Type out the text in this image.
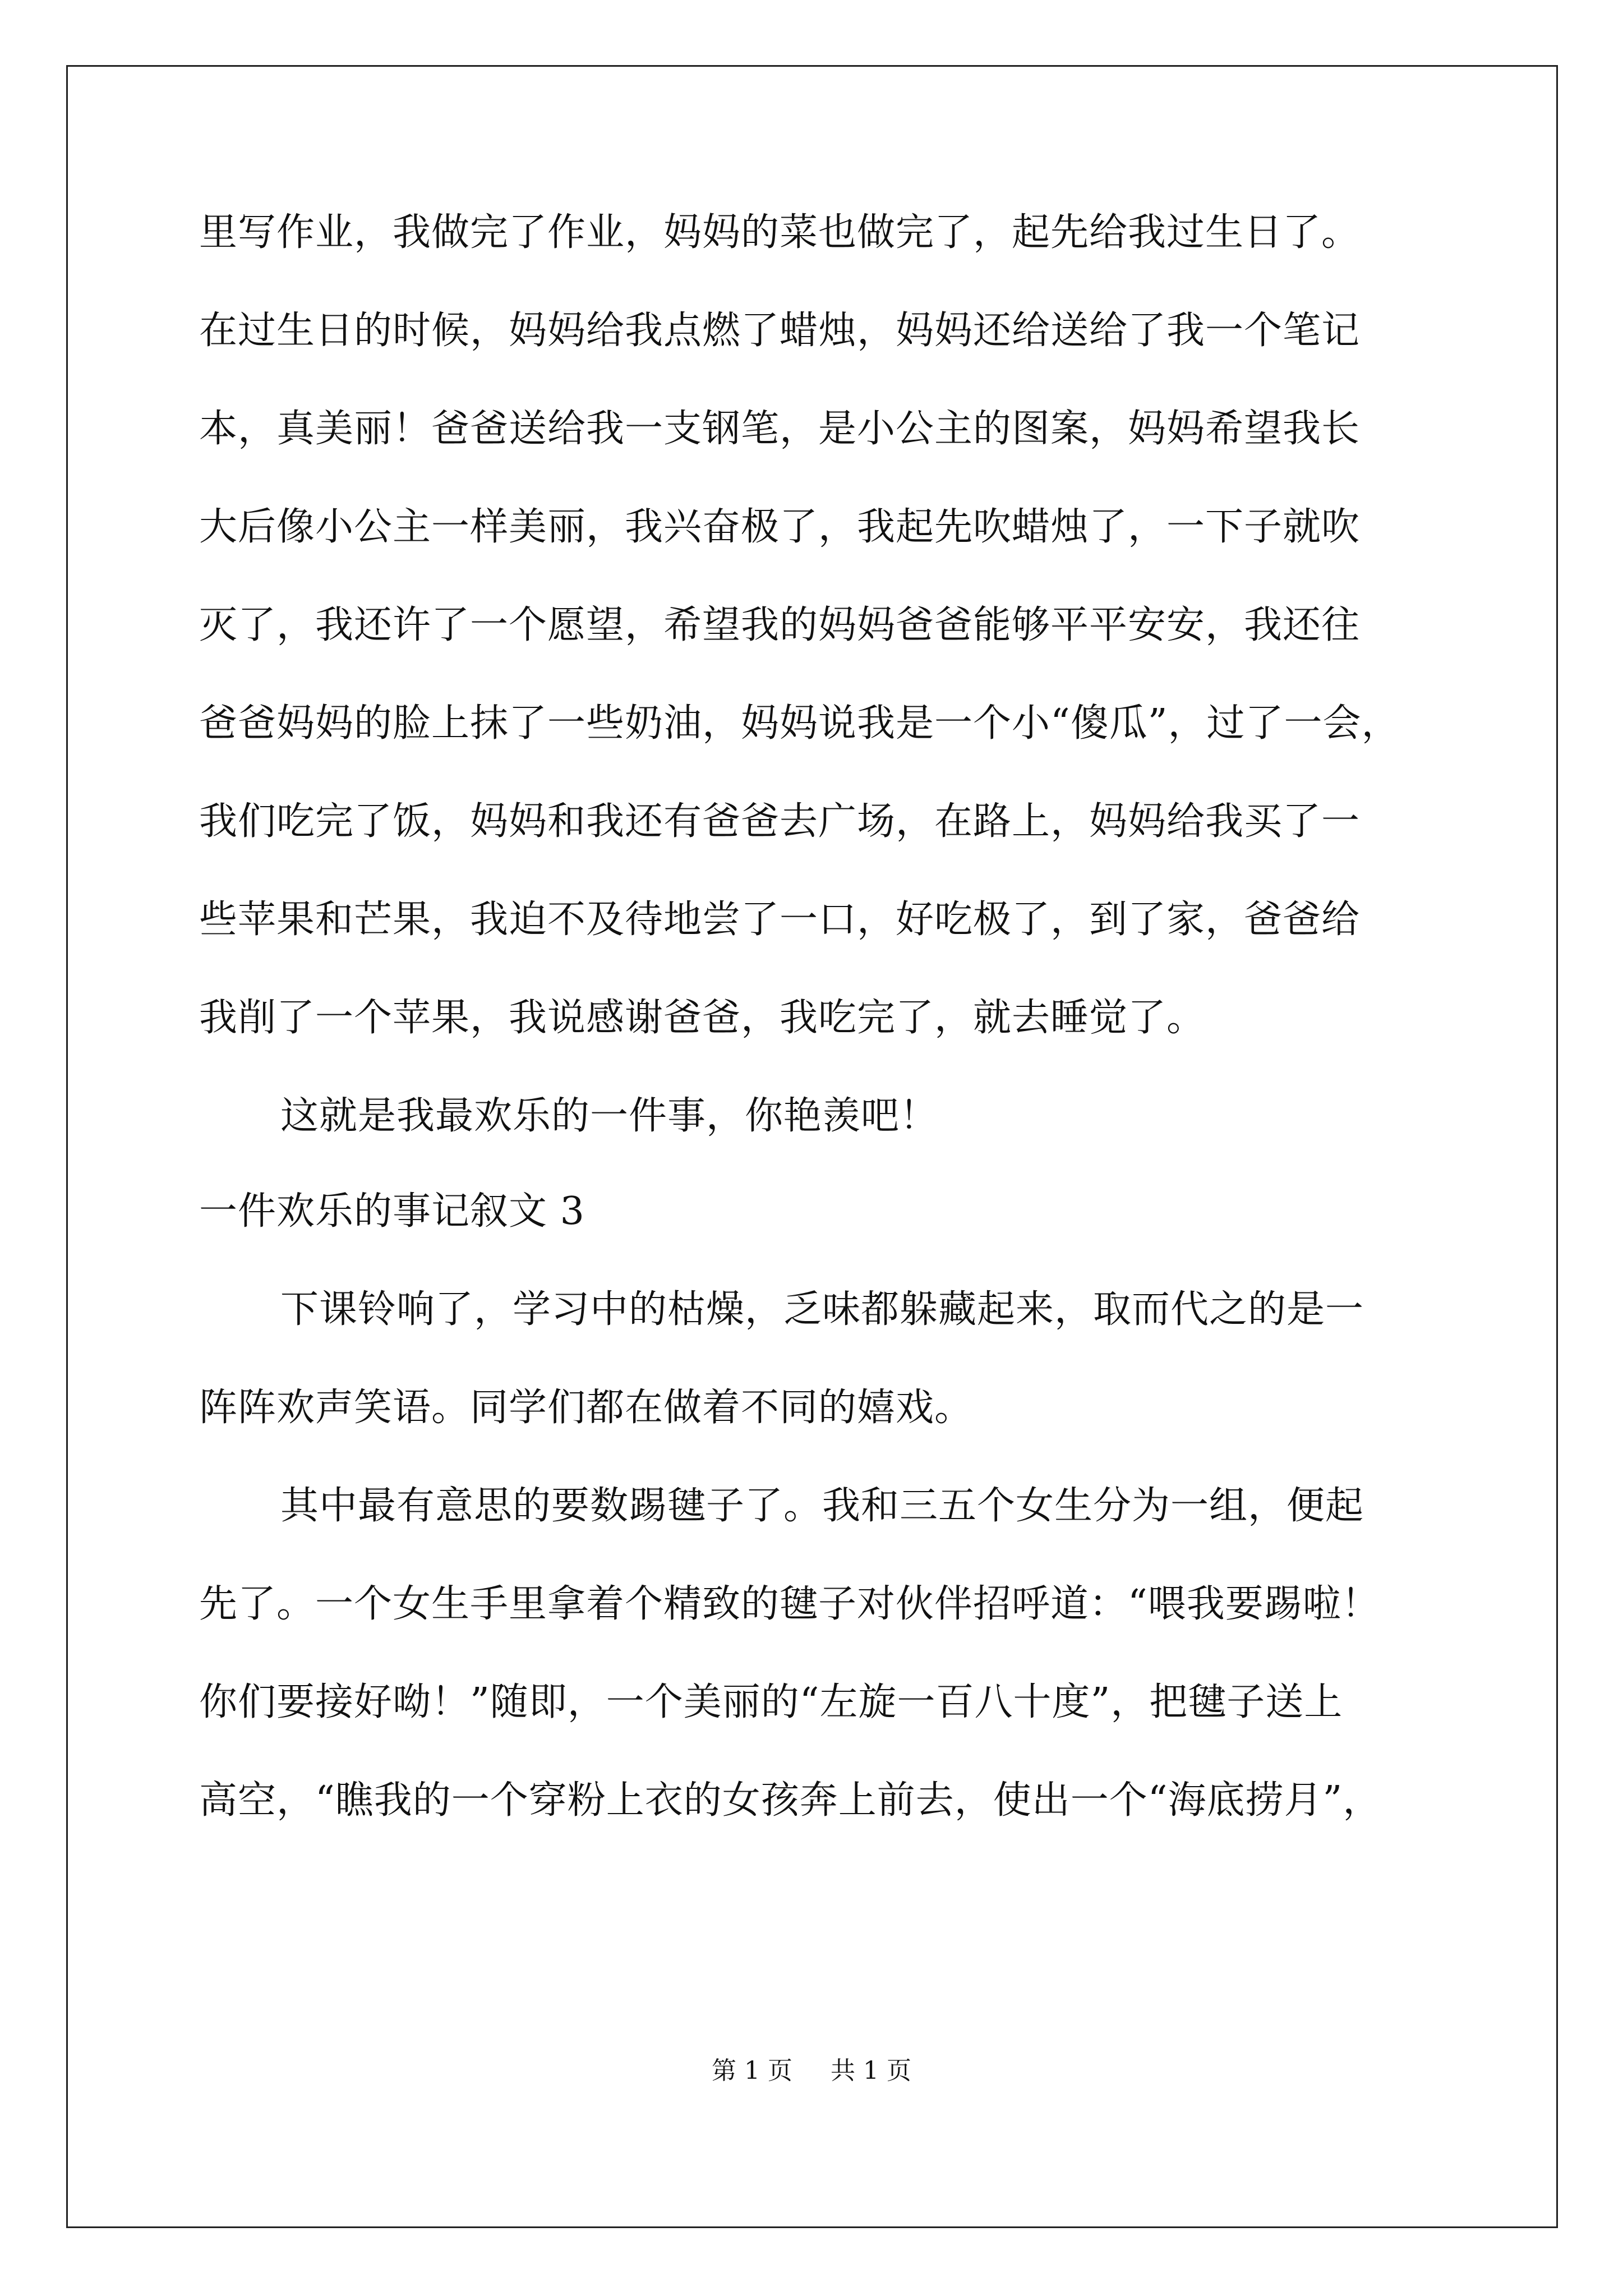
里写作业，我做完了作业，妈妈的菜也做完了，起先给我过生日了。
在过生日的时候，妈妈给我点燃了蜡烛，妈妈还给送给了我一个笔记
本，真美丽！爸爸送给我一支钢笔，是小公主的图案，妈妈希望我长
大后像小公主一样美丽，我兴奋极了，我起先吹蜡烛了，一下子就吹
灭了，我还许了一个愿望，希望我的妈妈爸爸能够平平安安，我还往
爸爸妈妈的脸上抹了一些奶油，妈妈说我是一个小“傻瓜”，过了一会，
我们吃完了饭，妈妈和我还有爸爸去广场，在路上，妈妈给我买了一
些苹果和芒果，我迫不及待地尝了一口，好吃极了，到了家，爸爸给
我削了一个苹果，我说感谢爸爸，我吃完了，就去睡觉了。
这就是我最欢乐的一件事，你艳羡吧！
一件欢乐的事记叙文 3
下课铃响了，学习中的枯燥，乏味都躲藏起来，取而代之的是一
阵阵欢声笑语。同学们都在做着不同的嬉戏。
其中最有意思的要数踢毽子了。我和三五个女生分为一组，便起
先了。一个女生手里拿着个精致的毽子对伙伴招呼道：“喂我要踢啦！
你们要接好呦！”随即，一个美丽的“左旋一百八十度”，把毽子送上
高空，“瞧我的一个穿粉上衣的女孩奔上前去，使出一个“海底捞月”，
第 1 页 共 1 页
